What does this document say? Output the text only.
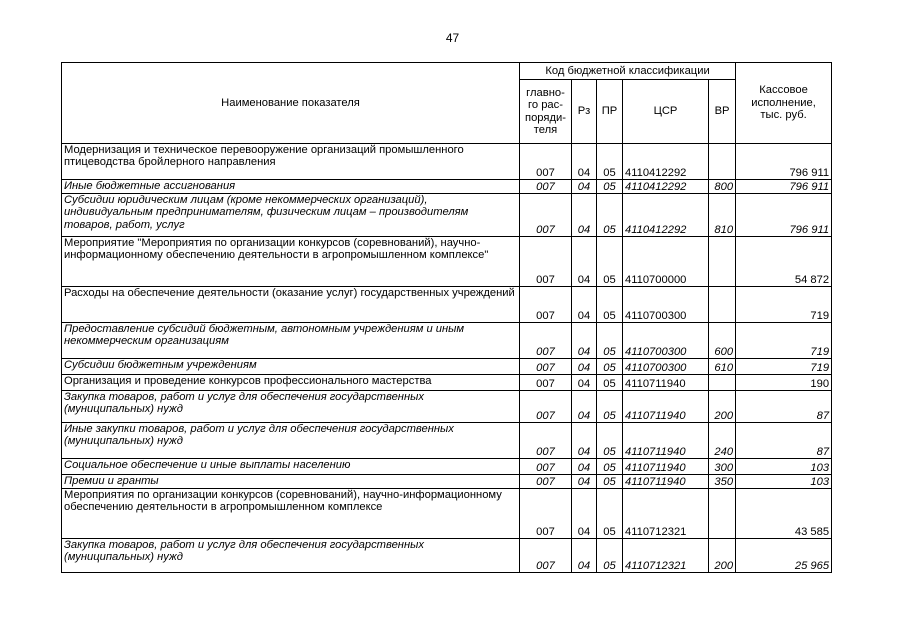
47
Наименование показателя	Код бюджетной классификации					Кассовое
исполнение,
тыс. руб.
	главно-
го рас-
поряди-
теля	Рз	ПР	ЦСР	ВР	
Модернизация и техническое перевооружение организаций промышленного птицеводства бройлерного направления	007	04	05	4110412292		796 911
Иные бюджетные ассигнования	007	04	05	4110412292	800	796 911
Субсидии юридическим лицам (кроме некоммерческих организаций), индивидуальным предпринимателям, физическим лицам – производителям товаров, работ, услуг	007	04	05	4110412292	810	796 911
Мероприятие "Мероприятия по организации конкурсов (соревнований), научно-информационному обеспечению деятельности в агропромышленном комплексе"	007	04	05	4110700000		54 872
Расходы на обеспечение деятельности (оказание услуг) государственных учреждений	007	04	05	4110700300		719
Предоставление субсидий бюджетным, автономным учреждениям и иным некоммерческим организациям	007	04	05	4110700300	600	719
Субсидии бюджетным учреждениям	007	04	05	4110700300	610	719
Организация и проведение конкурсов профессионального мастерства	007	04	05	4110711940		190
Закупка товаров, работ и услуг для обеспечения государственных (муниципальных) нужд	007	04	05	4110711940	200	87
Иные закупки товаров, работ и услуг для обеспечения государственных (муниципальных) нужд	007	04	05	4110711940	240	87
Социальное обеспечение и иные выплаты населению	007	04	05	4110711940	300	103
Премии и гранты	007	04	05	4110711940	350	103
Мероприятия по организации конкурсов (соревнований), научно-информационному обеспечению деятельности в агропромышленном комплексе	007	04	05	4110712321		43 585
Закупка товаров, работ и услуг для обеспечения государственных (муниципальных) нужд	007	04	05	4110712321	200	25 965
